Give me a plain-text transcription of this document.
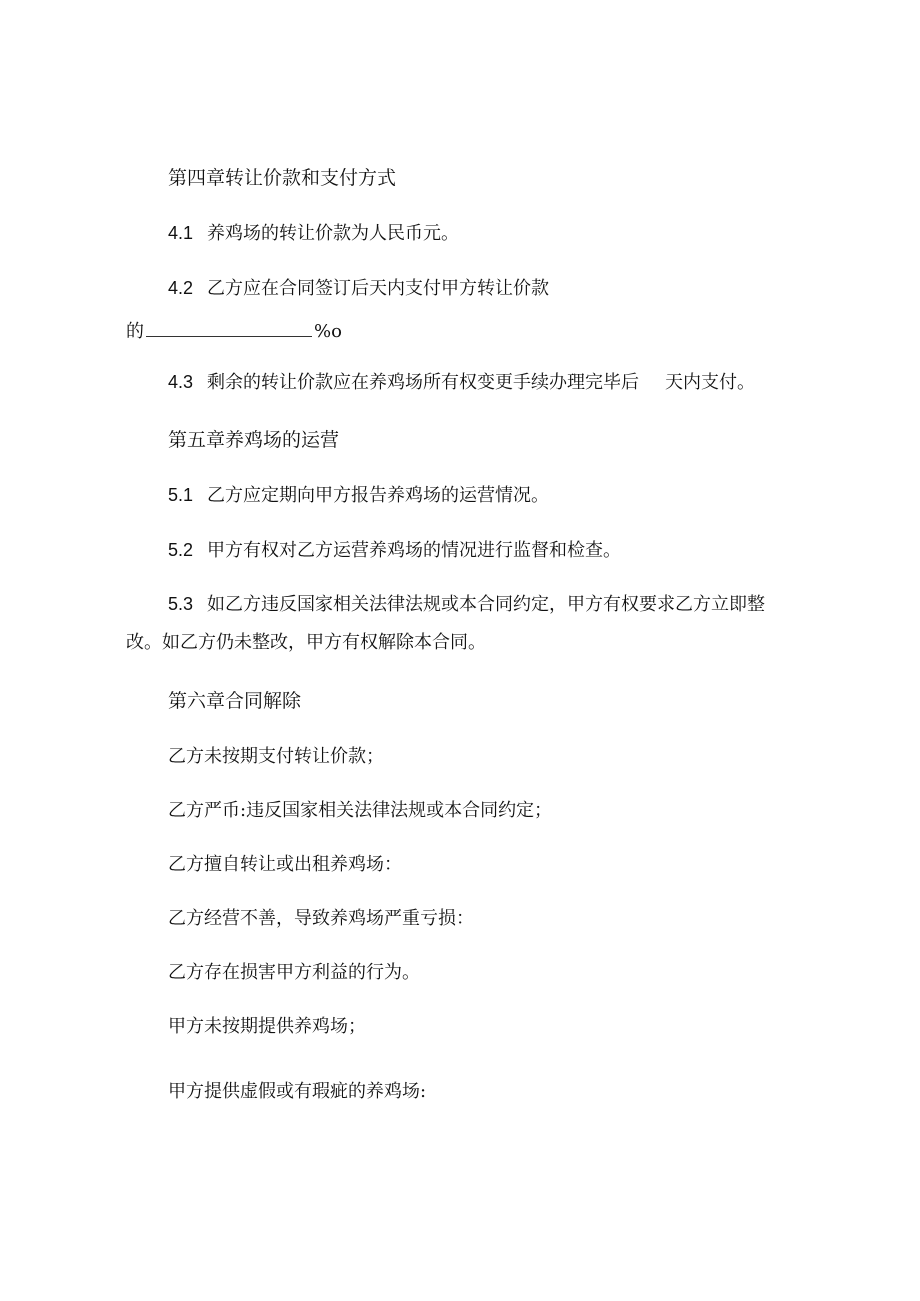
第四章转让价款和支付方式
4.1 养鸡场的转让价款为人民币元。
4.2 乙方应在合同签订后天内支付甲方转让价款
的	%o
4.3 剩余的转让价款应在养鸡场所有权变更手续办理完毕后 天内支付。
第五章养鸡场的运营
5.1 乙方应定期向甲方报告养鸡场的运营情况。
5.2 甲方有权对乙方运营养鸡场的情况进行监督和检查。
5.3 如乙方违反国家相关法律法规或本合同约定，甲方有权要求乙方立即整
改。如乙方仍未整改，甲方有权解除本合同。
第六章合同解除
乙方未按期支付转让价款；
乙方严币:违反国家相关法律法规或本合同约定；
乙方擅自转让或出租养鸡场：
乙方经营不善，导致养鸡场严重亏损：
乙方存在损害甲方利益的行为。
甲方未按期提供养鸡场；
甲方提供虚假或有瑕疵的养鸡场:
